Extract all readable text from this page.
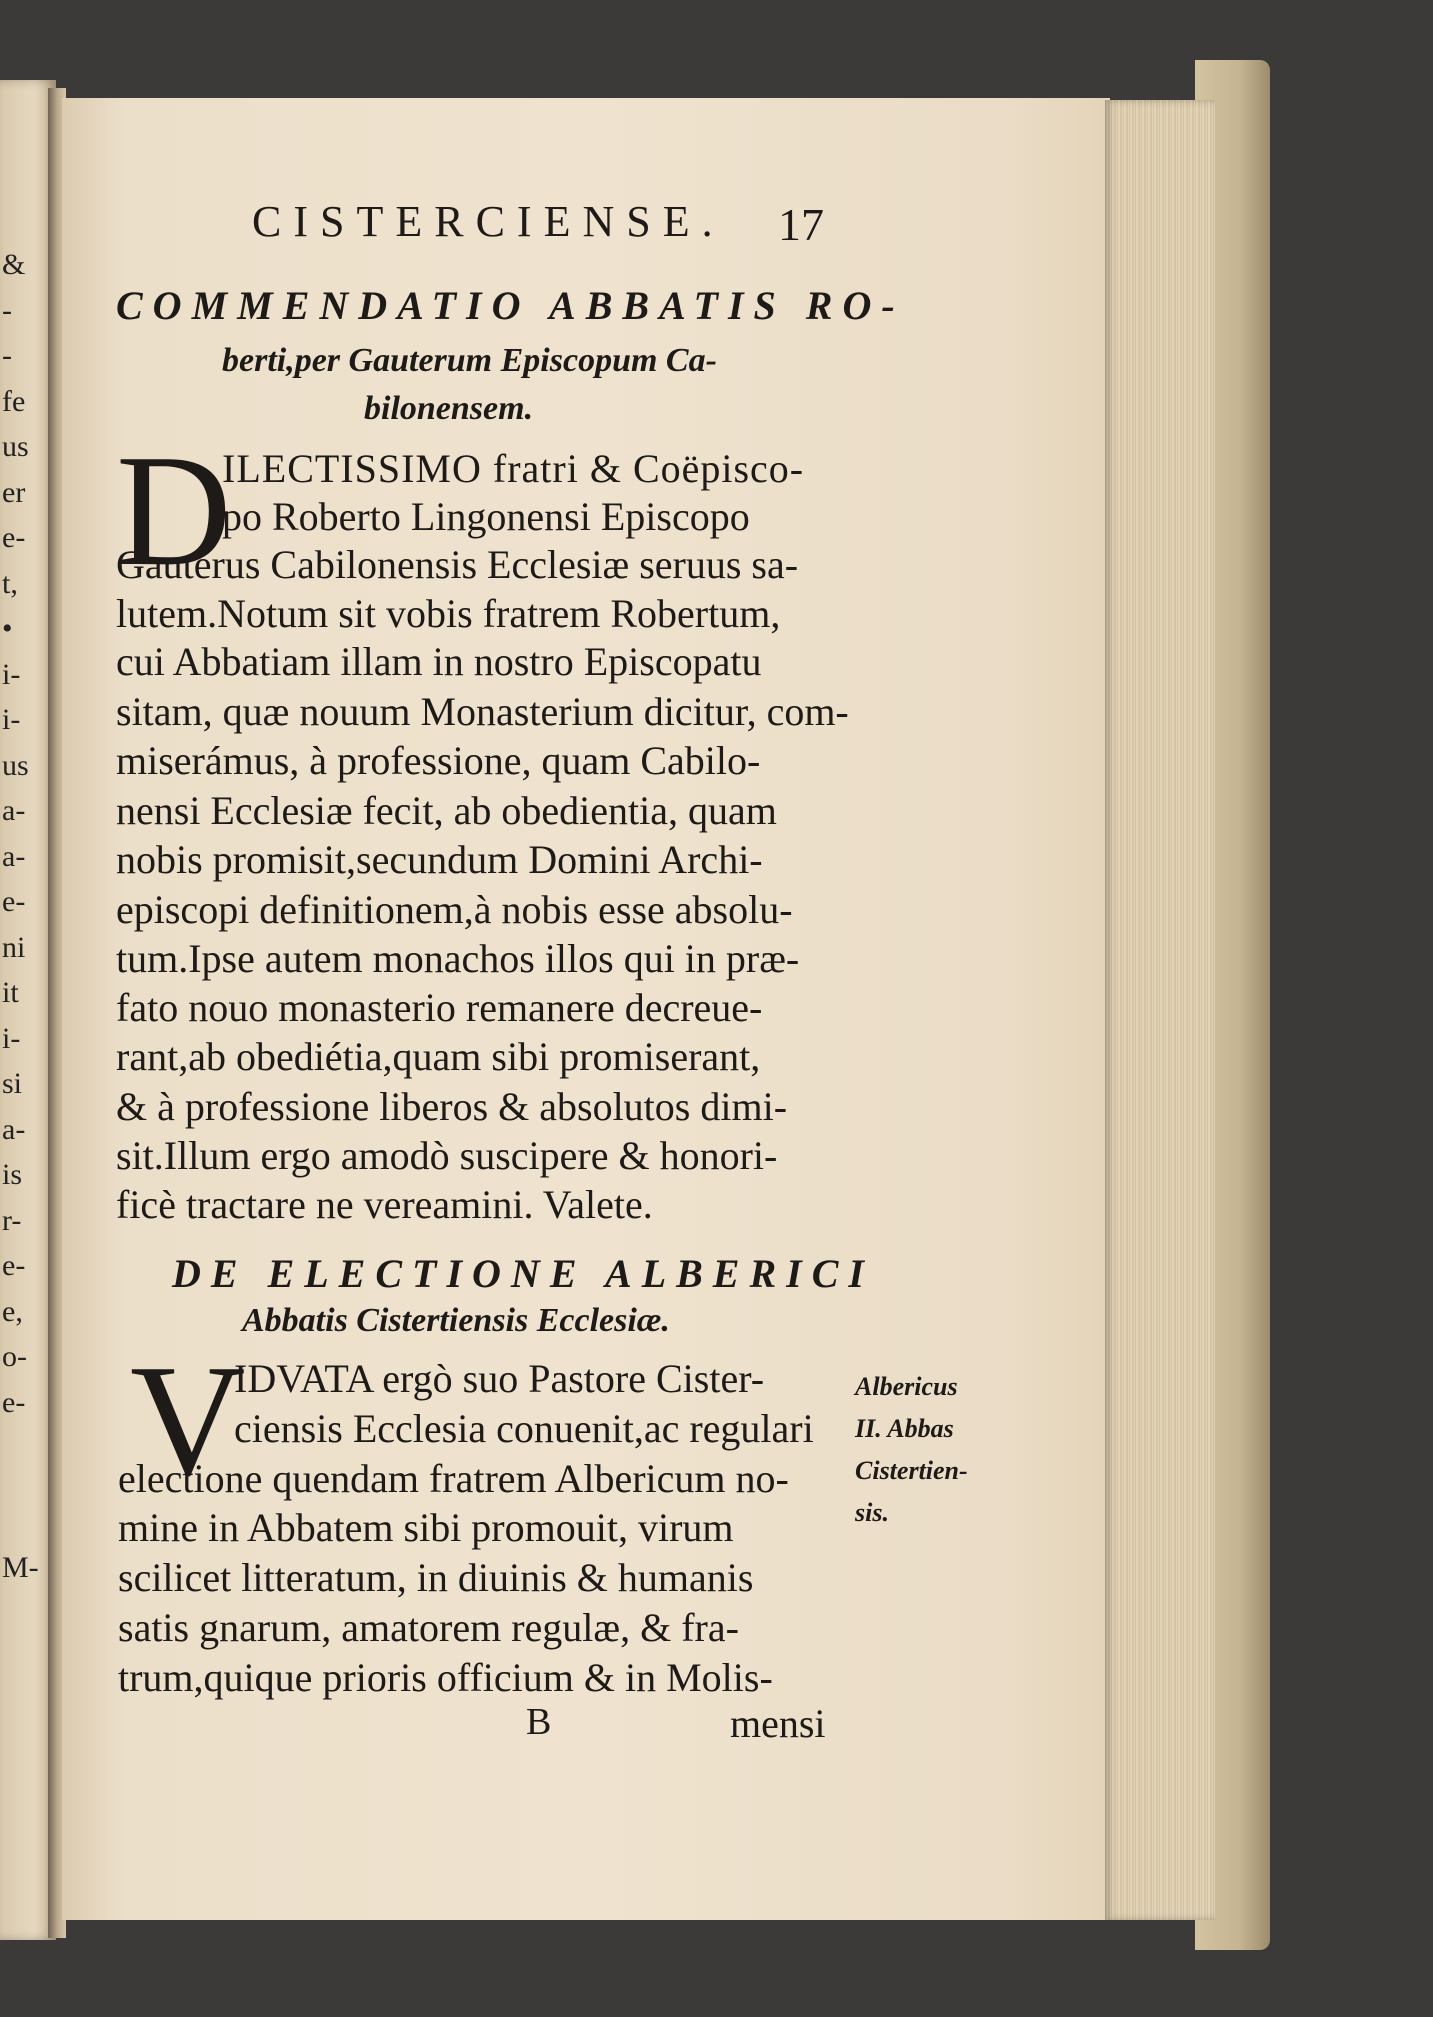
&
-
-
fe
us
er
e-
t,
•
i-
i-
us
a-
a-
e-
ni
it
i-
si
a-
is
r-
e-
e,
o-
e-
M-
CISTERCIENSE. 17
COMMENDATIO ABBATIS RO-
berti,per Gauterum Episcopum Ca-
bilonensem.
D
ILECTISSIMO fratri & Coëpisco-
po Roberto Lingonensi Episcopo
Gauterus Cabilonensis Ecclesiæ seruus sa-
lutem.Notum sit vobis fratrem Robertum,
cui Abbatiam illam in nostro Episcopatu
sitam, quæ nouum Monasterium dicitur, com-
miserámus, à professione, quam Cabilo-
nensi Ecclesiæ fecit, ab obedientia, quam
nobis promisit,secundum Domini Archi-
episcopi definitionem,à nobis esse absolu-
tum.Ipse autem monachos illos qui in præ-
fato nouo monasterio remanere decreue-
rant,ab obediétia,quam sibi promiserant,
& à professione liberos & absolutos dimi-
sit.Illum ergo amodò suscipere & honori-
ficè tractare ne vereamini. Valete.
DE ELECTIONE ALBERICI
Abbatis Cistertiensis Ecclesiæ.
V
IDVATA ergò suo Pastore Cister-
ciensis Ecclesia conuenit,ac regulari
electione quendam fratrem Albericum no-
mine in Abbatem sibi promouit, virum
scilicet litteratum, in diuinis & humanis
satis gnarum, amatorem regulæ, & fra-
trum,quique prioris officium & in Molis-
Albericus
II. Abbas
Cistertien-
sis.
B	mensi
